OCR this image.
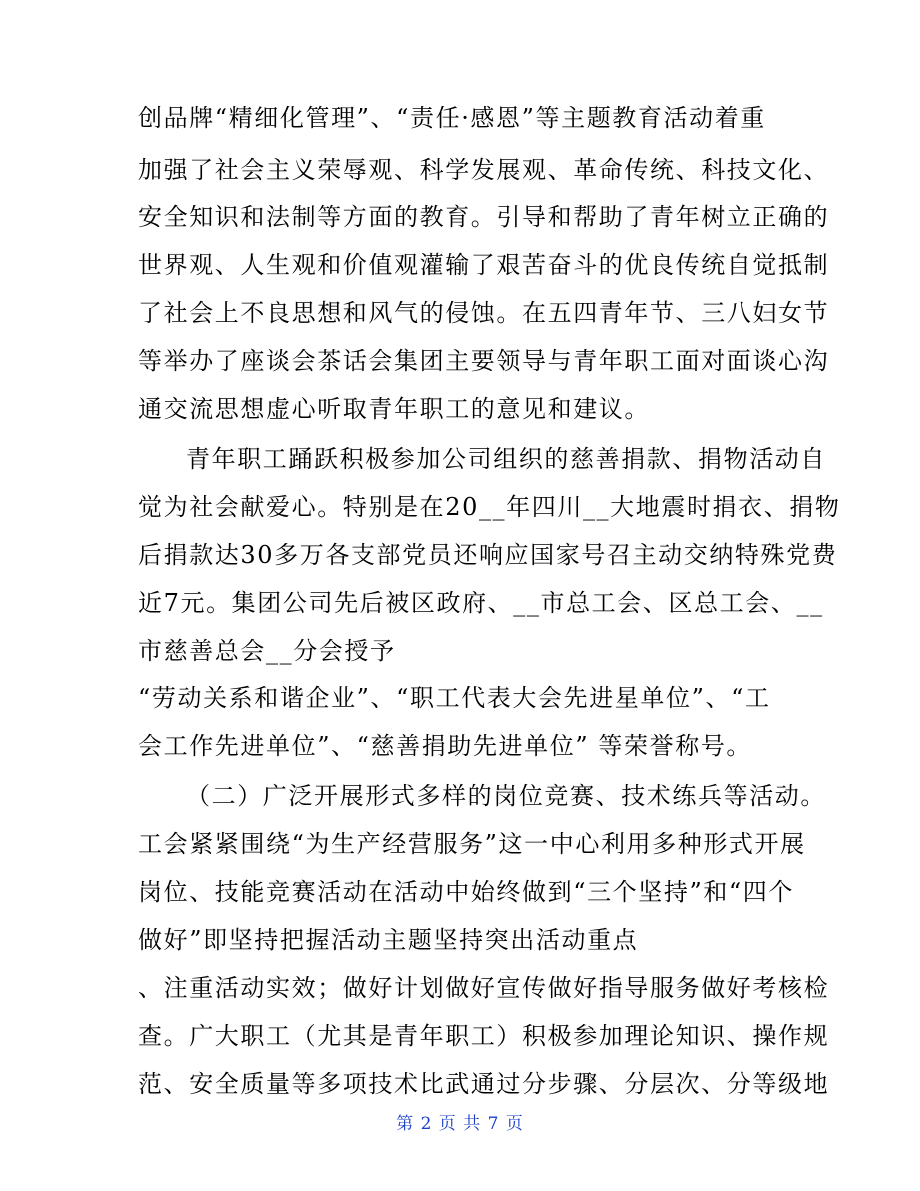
创品牌“精细化管理”、“责任·感恩”等主题教育活动着重
加强了社会主义荣辱观、科学发展观、革命传统、科技文化、
安全知识和法制等方面的教育。引导和帮助了青年树立正确的
世界观、人生观和价值观灌输了艰苦奋斗的优良传统自觉抵制
了社会上不良思想和风气的侵蚀。在五四青年节、三八妇女节
等举办了座谈会茶话会集团主要领导与青年职工面对面谈心沟
通交流思想虚心听取青年职工的意见和建议。
青年职工踊跃积极参加公司组织的慈善捐款、捐物活动自
觉为社会献爱心。特别是在20__年四川__大地震时捐衣、捐物
后捐款达30多万各支部党员还响应国家号召主动交纳特殊党费
近7元。集团公司先后被区政府、__市总工会、区总工会、__
市慈善总会__分会授予
“劳动关系和谐企业”、“职工代表大会先进星单位”、“工
会工作先进单位”、“慈善捐助先进单位” 等荣誉称号。
（二）广泛开展形式多样的岗位竞赛、技术练兵等活动。
工会紧紧围绕“为生产经营服务”这一中心利用多种形式开展
岗位、技能竞赛活动在活动中始终做到“三个坚持”和“四个
做好”即坚持把握活动主题坚持突出活动重点
、注重活动实效；做好计划做好宣传做好指导服务做好考核检
查。广大职工（尤其是青年职工）积极参加理论知识、操作规
范、安全质量等多项技术比武通过分步骤、分层次、分等级地
第 2 页 共 7 页
